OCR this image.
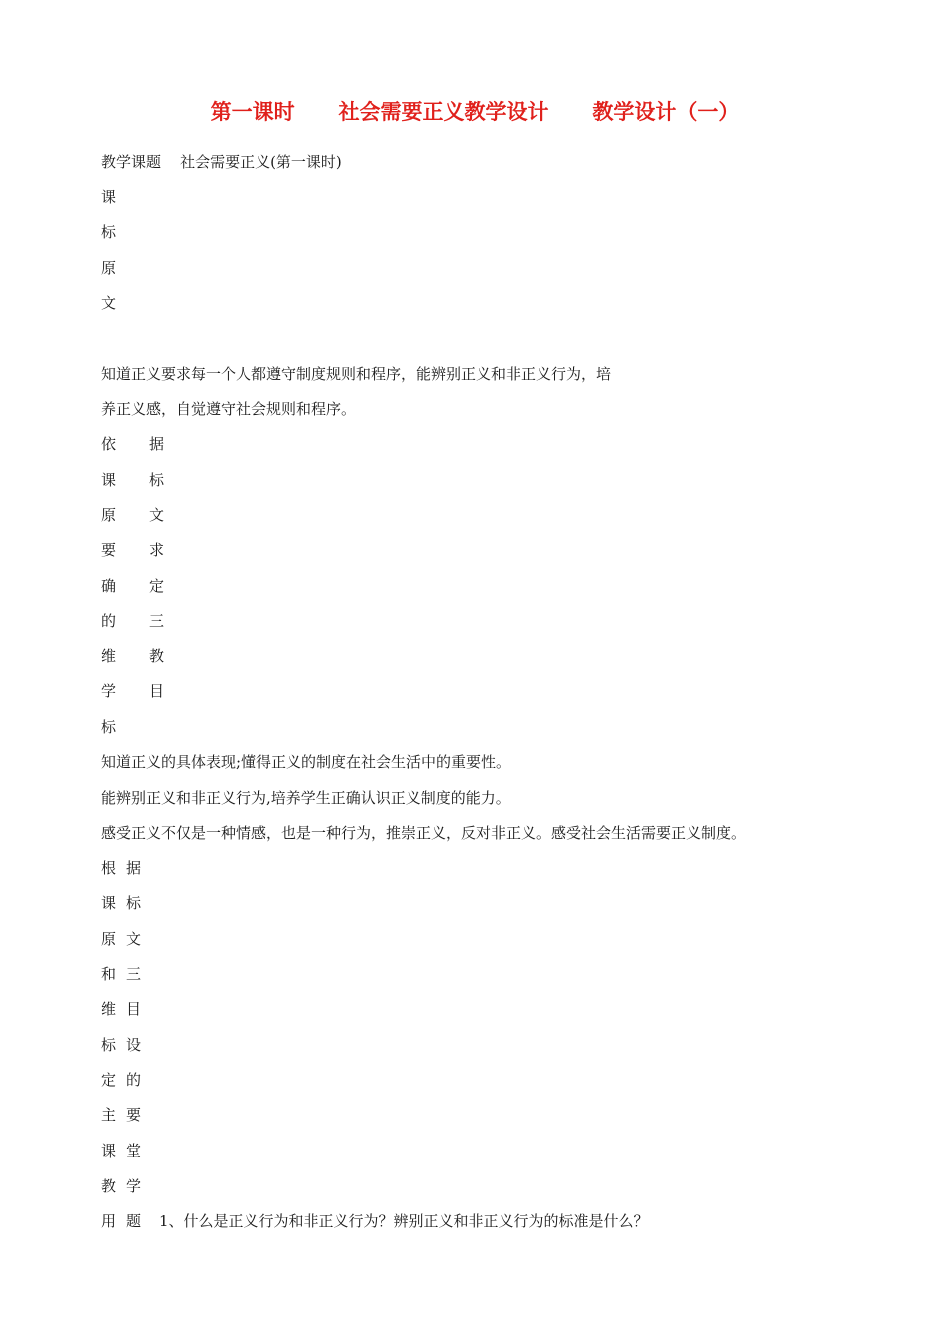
第一课时      社会需要正义教学设计      教学设计（一）

教学课题    社会需要正义(第一课时)

课

标

原

文

知道正义要求每一个人都遵守制度规则和程序，能辨别正义和非正义行为，培

养正义感，自觉遵守社会规则和程序。

依 据
课 标
原 文
要 求
确 定
的 三
维 教
学 目
标

知道正义的具体表现;懂得正义的制度在社会生活中的重要性。

能辨别正义和非正义行为,培养学生正确认识正义制度的能力。

感受正义不仅是一种情感，也是一种行为，推崇正义，反对非正义。感受社会生活需要正义制度。

根 据
课 标
原 文
和 三
维 目
标 设
定 的
主 要
课 堂
教 学
用 题 1、什么是正义行为和非正义行为？辨别正义和非正义行为的标准是什么？
